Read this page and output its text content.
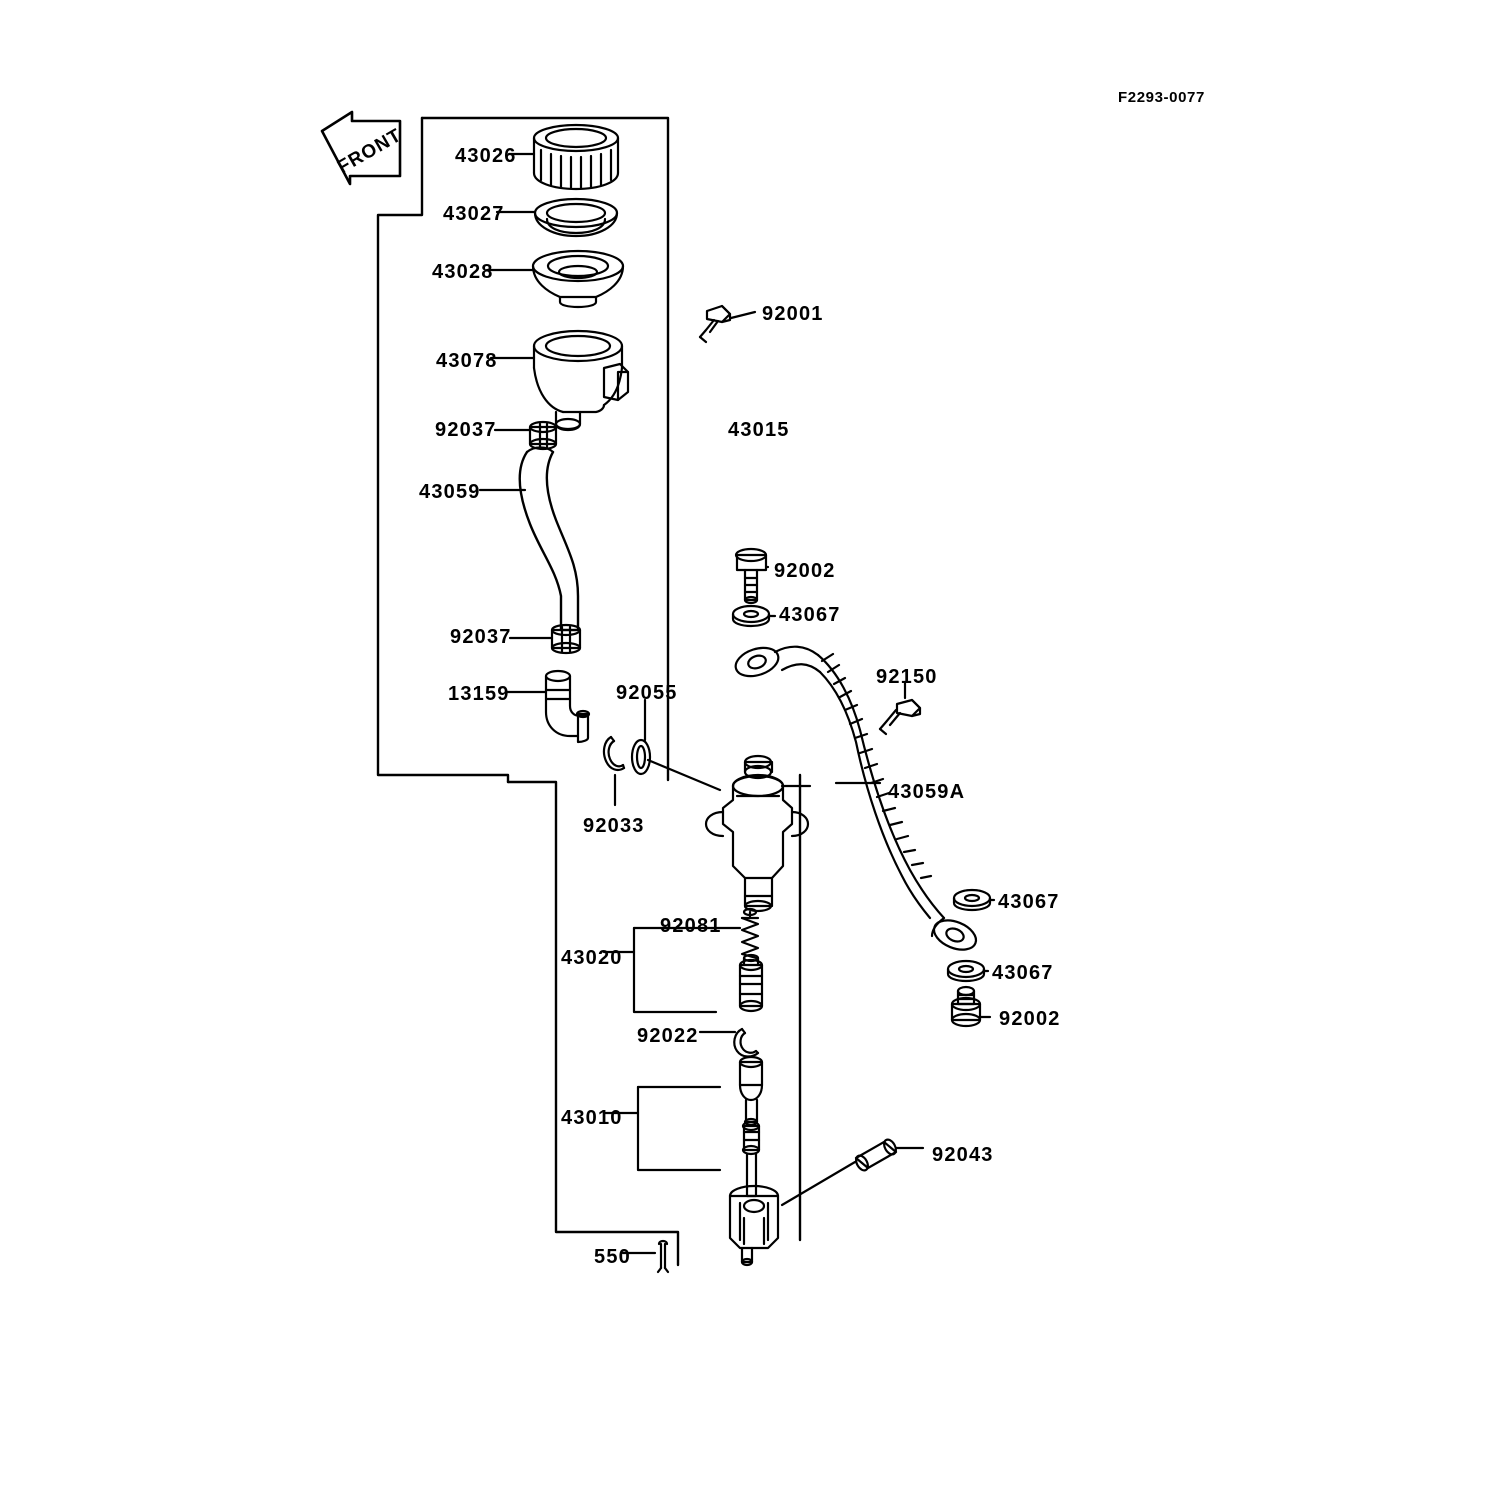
F2293-0077
FRONT 43026
43027
43028
92001
43078
43015
92037
43059
92002
43067
92037
92055
92150
13159
43059A
92033
43067
92081
43020
43067
92022
92002
43010
92043
550
